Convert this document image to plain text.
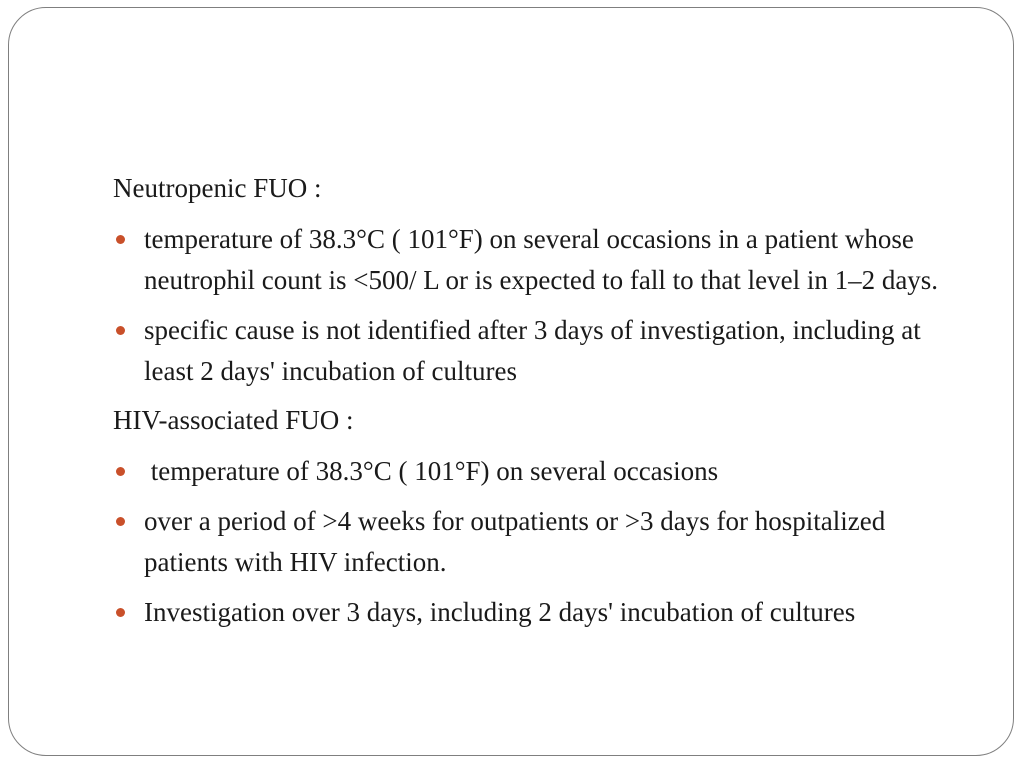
Neutropenic FUO :
temperature of 38.3°C ( 101°F) on several occasions in a patient whose neutrophil count is <500/ L or is expected to fall to that level in 1–2 days.
specific cause is not identified after 3 days of investigation, including at least 2 days' incubation of cultures
HIV-associated FUO :
temperature of 38.3°C ( 101°F) on several occasions
over a period of >4 weeks for outpatients or >3 days for hospitalized patients with HIV infection.
Investigation over 3 days, including 2 days' incubation of cultures
